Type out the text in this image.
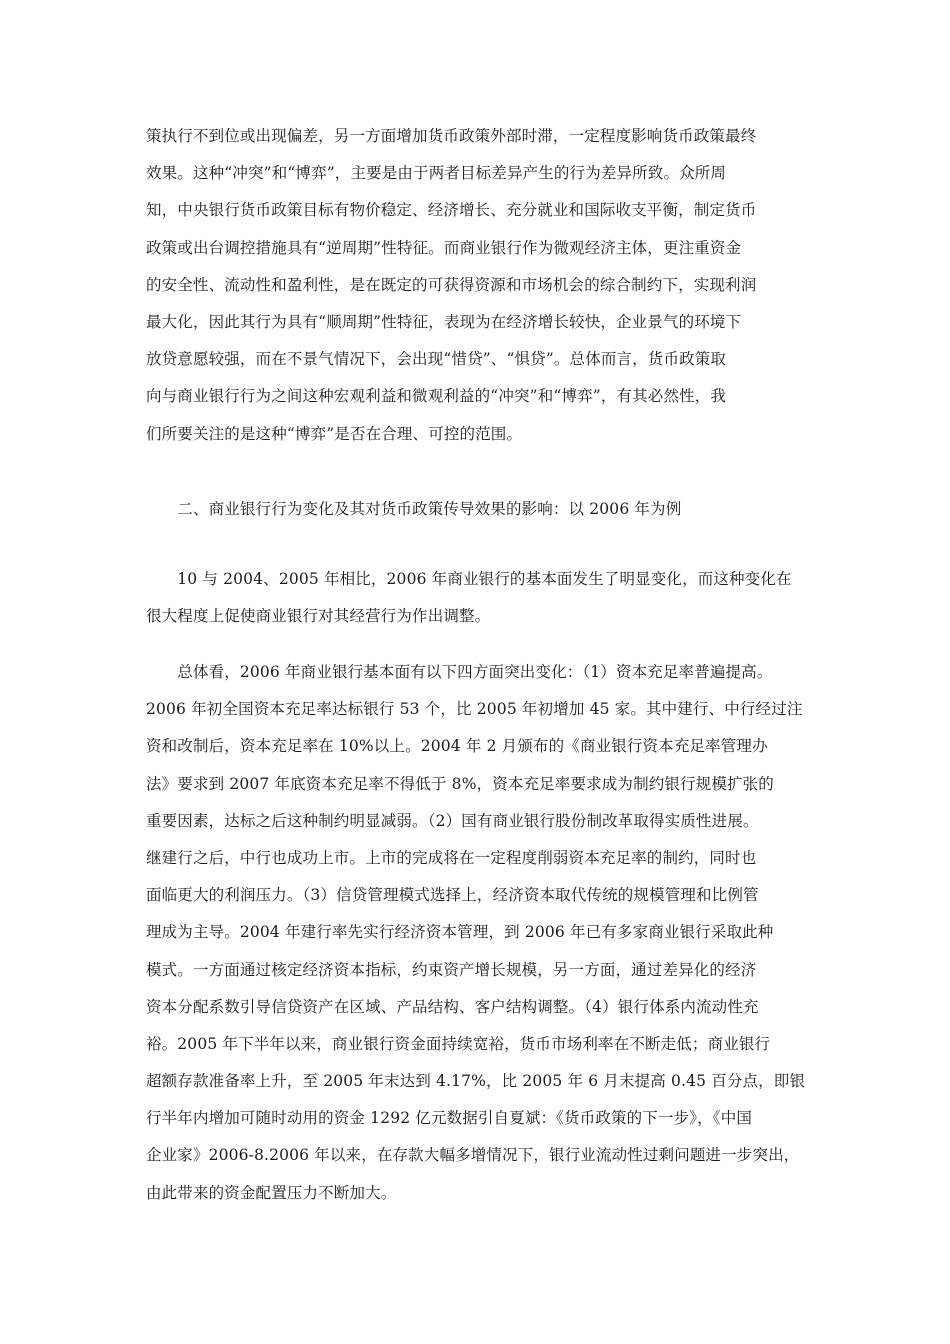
策执行不到位或出现偏差，另一方面增加货币政策外部时滞，一定程度影响货币政策最终
效果。这种“冲突”和“博弈”，主要是由于两者目标差异产生的行为差异所致。众所周
知，中央银行货币政策目标有物价稳定、经济增长、充分就业和国际收支平衡，制定货币
政策或出台调控措施具有“逆周期”性特征。而商业银行作为微观经济主体，更注重资金
的安全性、流动性和盈利性，是在既定的可获得资源和市场机会的综合制约下，实现利润
最大化，因此其行为具有“顺周期”性特征，表现为在经济增长较快，企业景气的环境下
放贷意愿较强，而在不景气情况下，会出现“惜贷”、“惧贷”。总体而言，货币政策取
向与商业银行行为之间这种宏观利益和微观利益的“冲突”和“博弈”，有其必然性，我
们所要关注的是这种“博弈”是否在合理、可控的范围。
　　二、商业银行行为变化及其对货币政策传导效果的影响：以 2006 年为例
　　10 与 2004、2005 年相比，2006 年商业银行的基本面发生了明显变化，而这种变化在
很大程度上促使商业银行对其经营行为作出调整。
　　总体看，2006 年商业银行基本面有以下四方面突出变化：（1）资本充足率普遍提高。
2006 年初全国资本充足率达标银行 53 个，比 2005 年初增加 45 家。其中建行、中行经过注
资和改制后，资本充足率在 10%以上。2004 年 2 月颁布的《商业银行资本充足率管理办
法》要求到 2007 年底资本充足率不得低于 8%，资本充足率要求成为制约银行规模扩张的
重要因素，达标之后这种制约明显减弱。（2）国有商业银行股份制改革取得实质性进展。
继建行之后，中行也成功上市。上市的完成将在一定程度削弱资本充足率的制约，同时也
面临更大的利润压力。（3）信贷管理模式选择上，经济资本取代传统的规模管理和比例管
理成为主导。2004 年建行率先实行经济资本管理，到 2006 年已有多家商业银行采取此种
模式。一方面通过核定经济资本指标，约束资产增长规模，另一方面，通过差异化的经济
资本分配系数引导信贷资产在区域、产品结构、客户结构调整。（4）银行体系内流动性充
裕。2005 年下半年以来，商业银行资金面持续宽裕，货币市场利率在不断走低；商业银行
超额存款准备率上升，至 2005 年末达到 4.17%，比 2005 年 6 月末提高 0.45 百分点，即银
行半年内增加可随时动用的资金 1292 亿元数据引自夏斌：《货币政策的下一步》，《中国
企业家》2006-8.2006 年以来，在存款大幅多增情况下，银行业流动性过剩问题进一步突出，
由此带来的资金配置压力不断加大。
